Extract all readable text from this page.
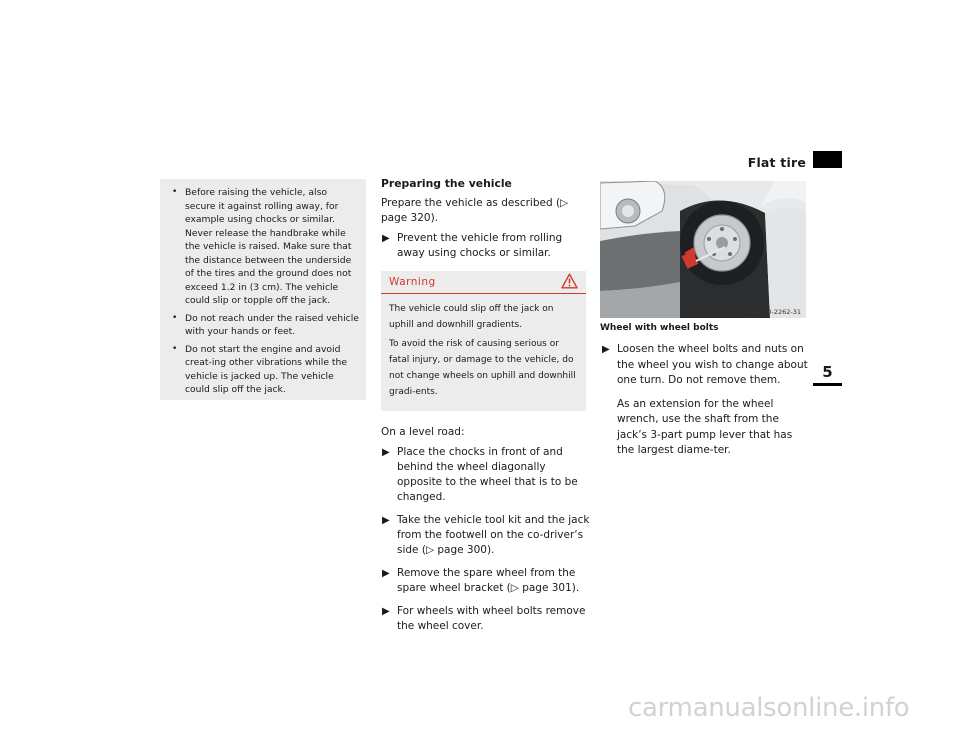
Flat tire
5
• Before raising the vehicle, also secure it against rolling away, for example using chocks or similar. Never release the handbrake while the vehicle is raised. Make sure that the distance between the underside of the tires and the ground does not exceed 1.2 in (3 cm). The vehicle could slip or topple off the jack.
• Do not reach under the raised vehicle with your hands or feet.
• Do not start the engine and avoid creat-ing other vibrations while the vehicle is jacked up. The vehicle could slip off the jack.
Preparing the vehicle
Prepare the vehicle as described (▷ page 320).
▶ Prevent the vehicle from rolling away using chocks or similar.
Warning

The vehicle could slip off the jack on uphill and downhill gradients.

To avoid the risk of causing serious or fatal injury, or damage to the vehicle, do not change wheels on uphill and downhill gradi-ents.

On a level road:
▶ Place the chocks in front of and behind the wheel diagonally opposite to the wheel that is to be changed.
▶ Take the vehicle tool kit and the jack from the footwell on the co-driver’s side (▷ page 300).
▶ Remove the spare wheel from the spare wheel bracket (▷ page 301).
▶ For wheels with wheel bolts remove the wheel cover.
N40.10-2262-31
Wheel with wheel bolts
▶ Loosen the wheel bolts and nuts on the wheel you wish to change about one turn. Do not remove them.
As an extension for the wheel wrench, use the shaft from the jack’s 3-part pump lever that has the largest diame-ter.
carmanualsonline.info
